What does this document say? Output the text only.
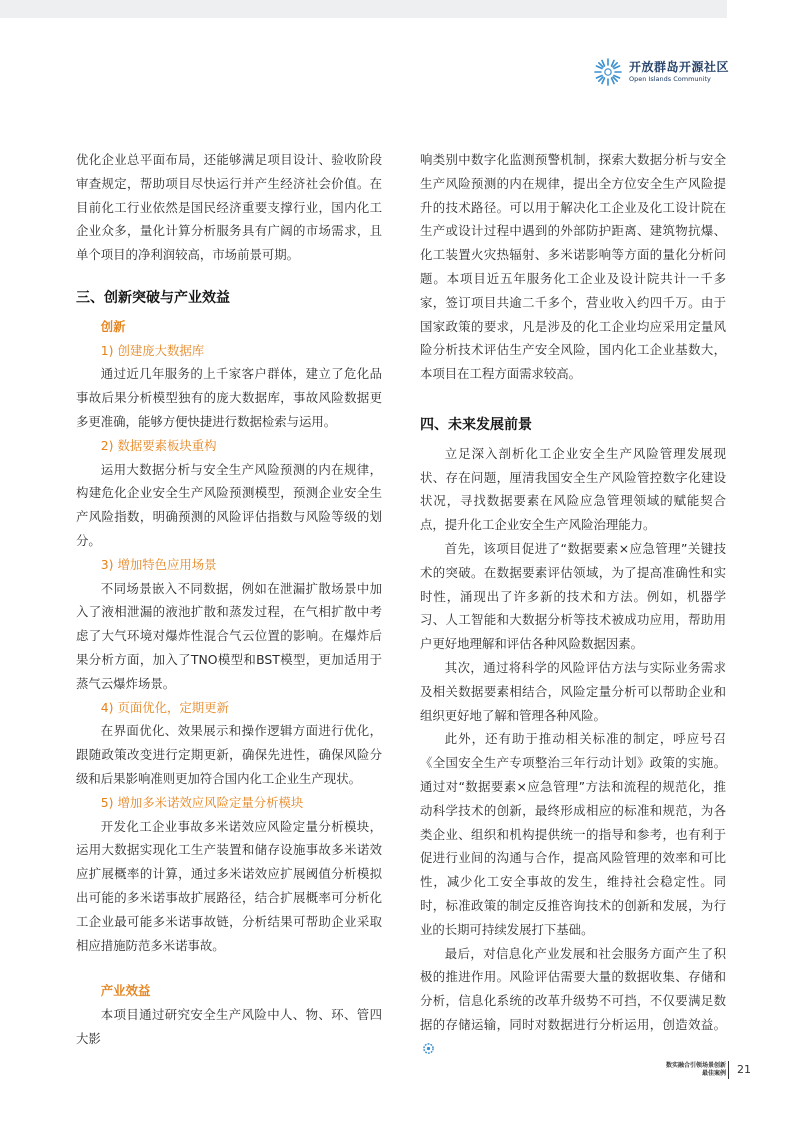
开放群岛开源社区
Open Islands Community

优化企业总平面布局，还能够满足项目设计、验收阶段审查规定，帮助项目尽快运行并产生经济社会价值。在目前化工行业依然是国民经济重要支撑行业，国内化工企业众多，量化计算分析服务具有广阔的市场需求，且单个项目的净利润较高，市场前景可期。

三、创新突破与产业效益

创新

1) 创建庞大数据库

通过近几年服务的上千家客户群体，建立了危化品事故后果分析模型独有的庞大数据库，事故风险数据更多更准确，能够方便快捷进行数据检索与运用。

2) 数据要素板块重构

运用大数据分析与安全生产风险预测的内在规律，构建危化企业安全生产风险预测模型，预测企业安全生产风险指数，明确预测的风险评估指数与风险等级的划分。

3) 增加特色应用场景

不同场景嵌入不同数据，例如在泄漏扩散场景中加入了液相泄漏的液池扩散和蒸发过程，在气相扩散中考虑了大气环境对爆炸性混合气云位置的影响。在爆炸后果分析方面，加入了TNO模型和BST模型，更加适用于蒸气云爆炸场景。

4) 页面优化，定期更新

在界面优化、效果展示和操作逻辑方面进行优化，跟随政策改变进行定期更新，确保先进性，确保风险分级和后果影响准则更加符合国内化工企业生产现状。

5) 增加多米诺效应风险定量分析模块

开发化工企业事故多米诺效应风险定量分析模块，运用大数据实现化工生产装置和储存设施事故多米诺效应扩展概率的计算，通过多米诺效应扩展阈值分析模拟出可能的多米诺事故扩展路径，结合扩展概率可分析化工企业最可能多米诺事故链，分析结果可帮助企业采取相应措施防范多米诺事故。

产业效益

本项目通过研究安全生产风险中人、物、环、管四大影

响类别中数字化监测预警机制，探索大数据分析与安全生产风险预测的内在规律，提出全方位安全生产风险提升的技术路径。可以用于解决化工企业及化工设计院在生产或设计过程中遇到的外部防护距离、建筑物抗爆、化工装置火灾热辐射、多米诺影响等方面的量化分析问题。本项目近五年服务化工企业及设计院共计一千多家，签订项目共逾二千多个，营业收入约四千万。由于国家政策的要求，凡是涉及的化工企业均应采用定量风险分析技术评估生产安全风险，国内化工企业基数大，本项目在工程方面需求较高。

四、未来发展前景

立足深入剖析化工企业安全生产风险管理发展现状、存在问题，厘清我国安全生产风险管控数字化建设状况，寻找数据要素在风险应急管理领域的赋能契合点，提升化工企业安全生产风险治理能力。

首先，该项目促进了“数据要素×应急管理”关键技术的突破。在数据要素评估领域，为了提高准确性和实时性，涌现出了许多新的技术和方法。例如，机器学习、人工智能和大数据分析等技术被成功应用，帮助用户更好地理解和评估各种风险数据因素。

其次，通过将科学的风险评估方法与实际业务需求及相关数据要素相结合，风险定量分析可以帮助企业和组织更好地了解和管理各种风险。

此外，还有助于推动相关标准的制定，呼应号召《全国安全生产专项整治三年行动计划》政策的实施。通过对“数据要素×应急管理”方法和流程的规范化，推动科学技术的创新，最终形成相应的标准和规范，为各类企业、组织和机构提供统一的指导和参考，也有利于促进行业间的沟通与合作，提高风险管理的效率和可比性，减少化工安全事故的发生，维持社会稳定性。同时，标准政策的制定反推咨询技术的创新和发展，为行业的长期可持续发展打下基础。

最后，对信息化产业发展和社会服务方面产生了积极的推进作用。风险评估需要大量的数据收集、存储和分析，信息化系统的改革升级势不可挡，不仅要满足数据的存储运输，同时对数据进行分析运用，创造效益。

数实融合引领场景创新
最佳案例 21
